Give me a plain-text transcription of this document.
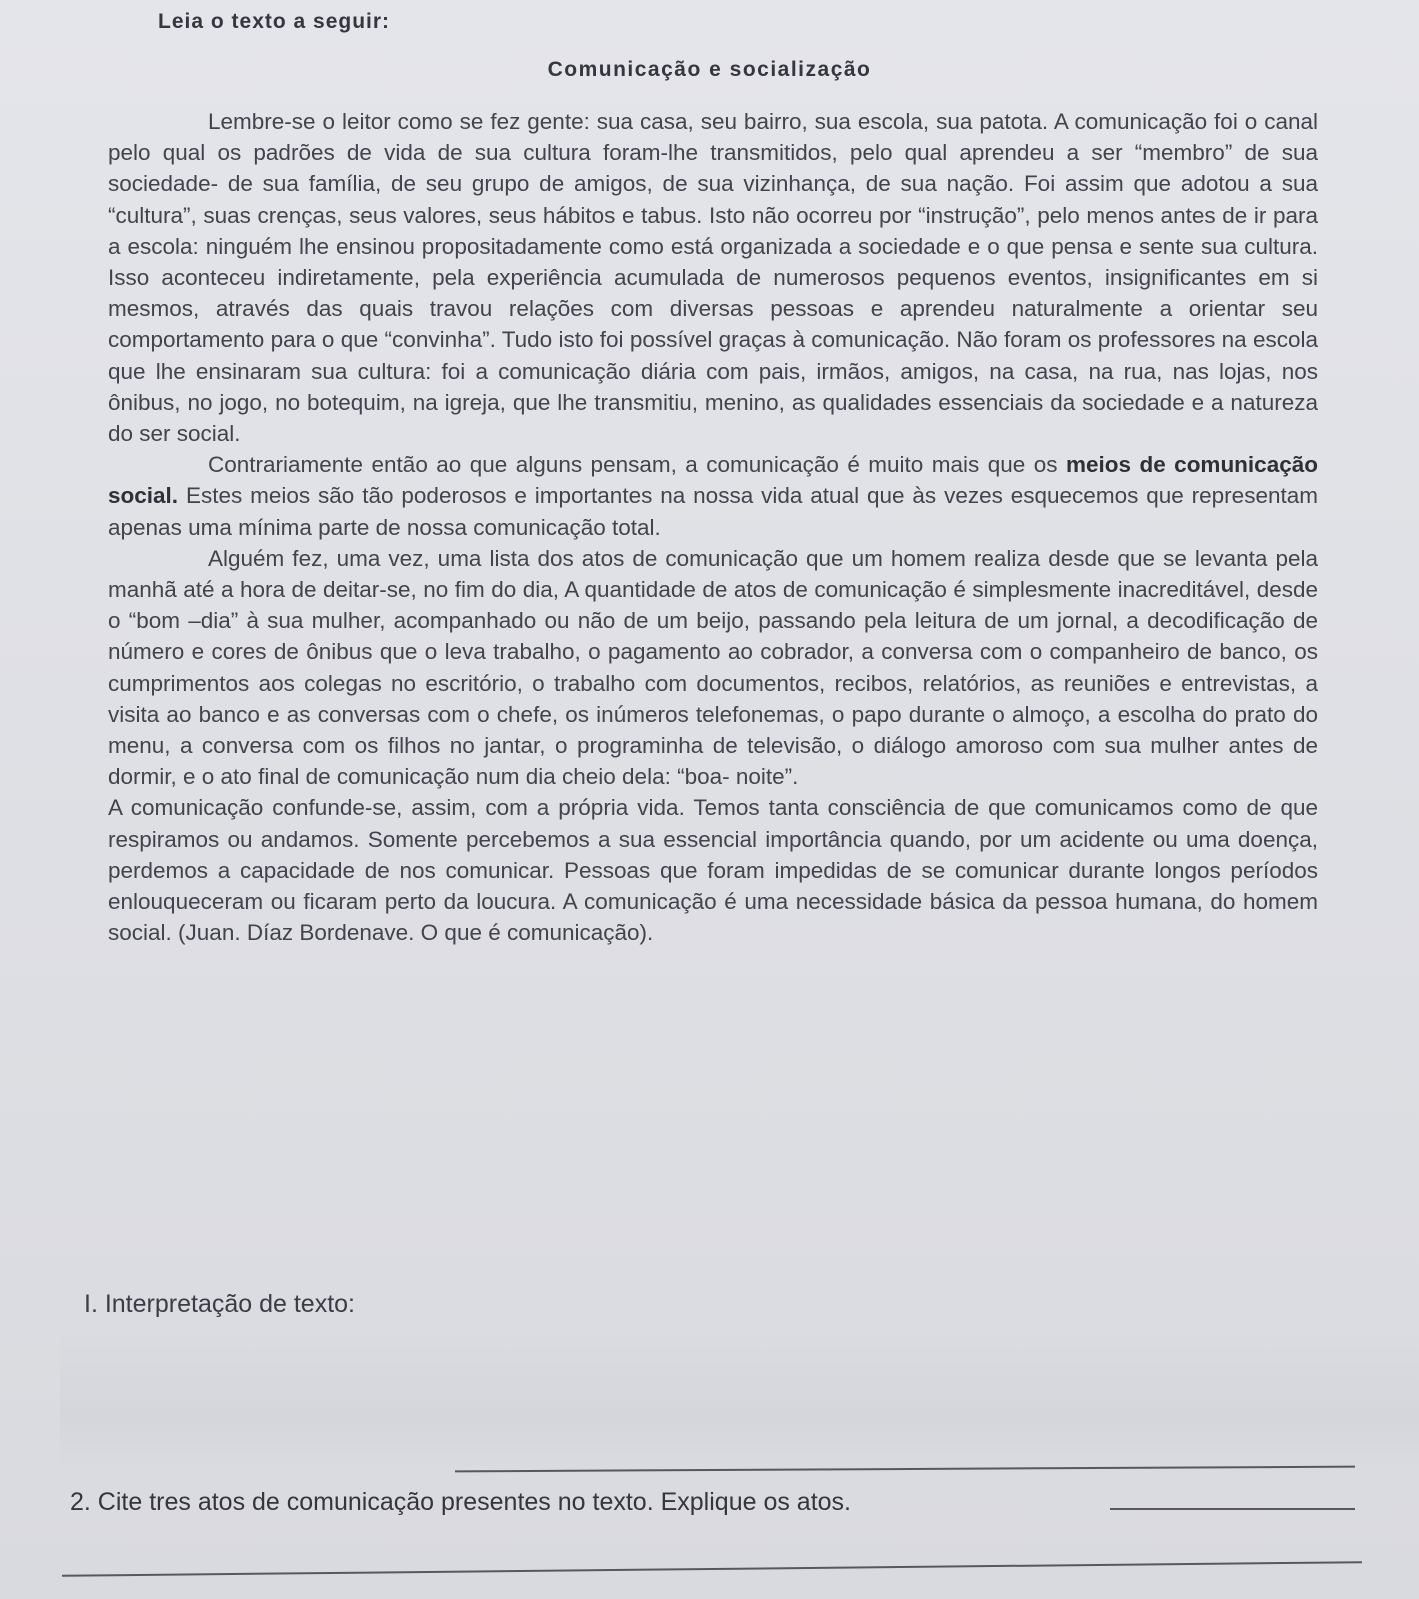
Leia o texto a seguir:
Comunicação e socialização

Lembre-se o leitor como se fez gente: sua casa, seu bairro, sua escola, sua patota. A comunicação foi o canal pelo qual os padrões de vida de sua cultura foram-lhe transmitidos, pelo qual aprendeu a ser “membro” de sua sociedade- de sua família, de seu grupo de amigos, de sua vizinhança, de sua nação. Foi assim que adotou a sua “cultura”, suas crenças, seus valores, seus hábitos e tabus. Isto não ocorreu por “instrução”, pelo menos antes de ir para a escola: ninguém lhe ensinou propositadamente como está organizada a sociedade e o que pensa e sente sua cultura. Isso aconteceu indiretamente, pela experiência acumulada de numerosos pequenos eventos, insignificantes em si mesmos, através das quais travou relações com diversas pessoas e aprendeu naturalmente a orientar seu comportamento para o que “convinha”. Tudo isto foi possível graças à comunicação. Não foram os professores na escola que lhe ensinaram sua cultura: foi a comunicação diária com pais, irmãos, amigos, na casa, na rua, nas lojas, nos ônibus, no jogo, no botequim, na igreja, que lhe transmitiu, menino, as qualidades essenciais da sociedade e a natureza do ser social.

Contrariamente então ao que alguns pensam, a comunicação é muito mais que os meios de comunicação social. Estes meios são tão poderosos e importantes na nossa vida atual que às vezes esquecemos que representam apenas uma mínima parte de nossa comunicação total.

Alguém fez, uma vez, uma lista dos atos de comunicação que um homem realiza desde que se levanta pela manhã até a hora de deitar-se, no fim do dia, A quantidade de atos de comunicação é simplesmente inacreditável, desde o “bom –dia” à sua mulher, acompanhado ou não de um beijo, passando pela leitura de um jornal, a decodificação de número e cores de ônibus que o leva trabalho, o pagamento ao cobrador, a conversa com o companheiro de banco, os cumprimentos aos colegas no escritório, o trabalho com documentos, recibos, relatórios, as reuniões e entrevistas, a visita ao banco e as conversas com o chefe, os inúmeros telefonemas, o papo durante o almoço, a escolha do prato do menu, a conversa com os filhos no jantar, o programinha de televisão, o diálogo amoroso com sua mulher antes de dormir, e o ato final de comunicação num dia cheio dela: “boa- noite”.

A comunicação confunde-se, assim, com a própria vida. Temos tanta consciência de que comunicamos como de que respiramos ou andamos. Somente percebemos a sua essencial importância quando, por um acidente ou uma doença, perdemos a capacidade de nos comunicar. Pessoas que foram impedidas de se comunicar durante longos períodos enlouqueceram ou ficaram perto da loucura. A comunicação é uma necessidade básica da pessoa humana, do homem social. (Juan. Díaz Bordenave. O que é comunicação).

I. Interpretação de texto:
2. Cite tres atos de comunicação presentes no texto. Explique os atos.
